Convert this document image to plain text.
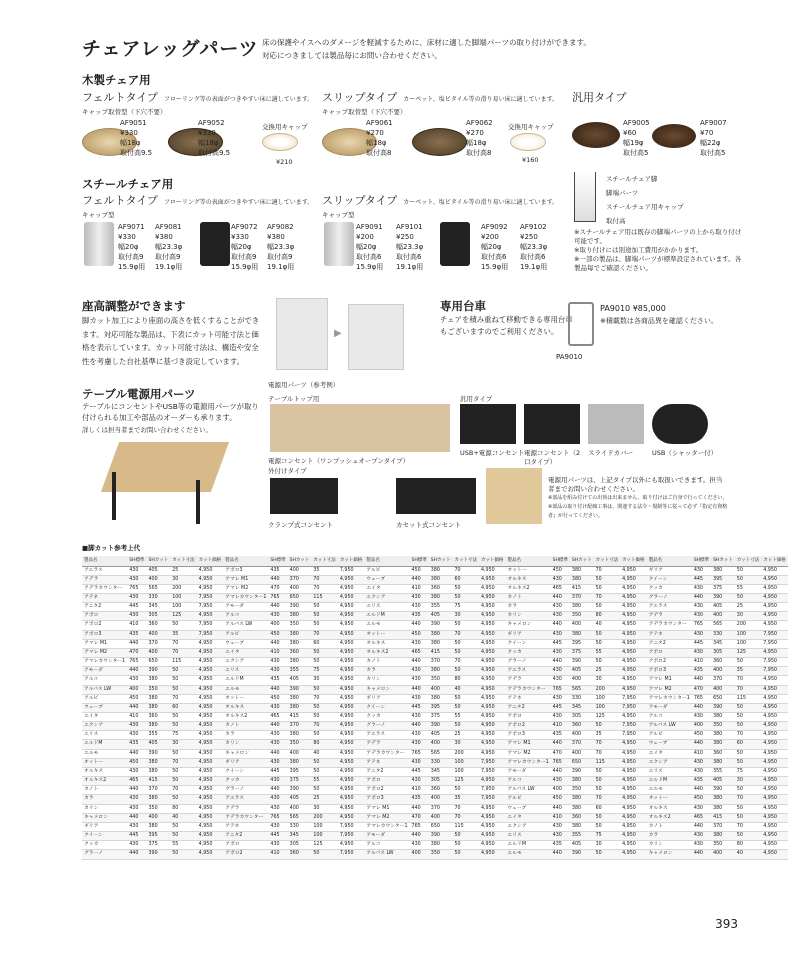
チェアレッグパーツ 床の保護やイスへのダメージを軽減するために、床材に適した脚端パーツの取り付けができます。
対応につきましては製品毎にお問い合わせください。
木製チェア用
フェルトタイプ フローリング等の表面がつきやすい床に適しています。
キャップ取替型（下穴不要）
AF9051
¥330
幅18φ
取付高9.5
AF9052
¥330
幅18φ
取付高9.5
交換用キャップ
¥210
スリップタイプ カーペット、塩ビタイル等の滑り易い床に適しています。
キャップ取替型（下穴不要）
AF9061
¥270
幅18φ
取付高8
AF9062
¥270
幅18φ
取付高8
交換用キャップ
¥160
汎用タイプ
AF9005
¥60
幅19φ
取付高5
AF9007
¥70
幅22φ
取付高5
スチールチェア用
フェルトタイプ フローリング等の表面がつきやすい床に適しています。
キャップ型
AF9071
¥330
幅20φ
取付高9
15.9φ用
AF9081
¥380
幅23.3φ
取付高9
19.1φ用
AF9072
¥330
幅20φ
取付高9
15.9φ用
AF9082
¥380
幅23.3φ
取付高9
19.1φ用
スリップタイプ カーペット、塩ビタイル等の滑り易い床に適しています。
キャップ型
AF9091
¥200
幅20φ
取付高6
15.9φ用
AF9101
¥250
幅23.3φ
取付高6
19.1φ用
AF9092
¥200
幅20φ
取付高6
15.9φ用
AF9102
¥250
幅23.3φ
取付高6
19.1φ用
スチールチェア脚
脚端パーツ
スチールチェア用キャップ
取付高
※スチールチェア用は既存の脚端パーツの上から取り付け可能です。
※取り付けには別途加工費用がかかります。
※一部の製品は、脚端パーツが標準設定されています。各製品毎でご確認ください。
座高調整ができます
脚カット加工により座面の高さを低くすることができます。対応可能な製品は、下表にカット可能寸法と価格を表示しています。カット可能寸法は、構造や安全性を考慮した自社基準に基づき設定しています。
▶
専用台車
チェアを積み重ねて移動できる専用台車もございますのでご利用ください。
PA9010 ¥85,000
※積載数は各商品異を確認ください。
PA9010
テーブル電源用パーツ
テーブルにコンセントやUSB等の電源用パーツが取り付けられる加工や部品のオーダーも承ります。
詳しくは担当者までお問い合わせください。
電源用パーツ（参考例）
テーブルトップ用
電源コンセント（ワンプッシュオープンタイプ）
外付けタイプ
クランプ式コンセント	カセット式コンセント
汎用タイプ
USB+電源コンセント 電源コンセント（2口タイプ）
スライドカバー	USB（シャッター付）
電源用パーツは、上記タイプ以外にも取扱いできます。担当者までお問い合わせください。
※部品を組み付けての出荷は出来ません。取り付けはご自身で行ってください。
※部品の取り付け配線工事は、関連する法令・規制等に従って必ず『指定有資格者』が行ってください。
■脚カット参考上代
製品名	SH標準	SHカット	カット寸法	カット価格	製品名	SH標準	SHカット	カット寸法	カット価格	製品名	SH標準	SHカット	カット寸法	カット価格	製品名	SH標準	SHカット	カット寸法	カット価格	製品名	SH標準	SHカット	カット寸法	カット価格
アエラス	430	405	25	4,950	アポロ3	435	400	35	7,950	アルビ	450	380	70	4,950	オットー	450	380	70	4,950	ギリア	430	380	50	4,950
アデラ	430	400	30	4,950	アマレ M1	440	370	70	4,950	ウェーブ	440	380	60	4,950	オルキス	430	380	50	4,950	クイーン	445	395	50	4,950
アデラカウンター	765	565	200	4,950	アマレ M2	470	400	70	4,950	エイタ	410	360	50	4,950	オルキス2	465	415	50	4,950	クッカ	430	375	55	4,950
アテネ	430	330	100	7,950	アマレカウンター1	765	650	115	4,950	エクシア	430	380	50	4,950	カノト	440	370	70	4,950	グラーノ	440	390	50	4,950
アニタ2	445	345	100	7,950	アモーダ	440	390	50	4,950	エリス	430	355	75	4,950	カラ	430	380	50	4,950	アエラス	430	405	25	4,950
アポロ	430	305	125	4,950	アルコ	430	380	50	4,950	エルドM	435	405	30	4,950	カリン	430	350	80	4,950	アデラ	430	400	30	4,950
アポロ2	410	360	50	7,950	アルバス LW	400	350	50	4,950	エルモ	440	390	50	4,950	キャメロン	440	400	40	4,950	アデラカウンター	765	565	200	4,950
アポロ3	435	400	35	7,950	アルビ	450	380	70	4,950	オットー	450	380	70	4,950	ギリア	430	380	50	4,950	アテネ	430	330	100	7,950
アマレ M1	440	370	70	4,950	ウェーブ	440	380	60	4,950	オルキス	430	380	50	4,950	クイーン	445	395	50	4,950	アニタ2	445	345	100	7,950
アマレ M2	470	400	70	4,950	エイタ	410	360	50	4,950	オルキス2	465	415	50	4,950	クッカ	430	375	55	4,950	アポロ	430	305	125	4,950
アマレカウンター1	765	650	115	4,950	エクシア	430	380	50	4,950	カノト	440	370	70	4,950	グラーノ	440	390	50	4,950	アポロ2	410	360	50	7,950
アモーダ	440	390	50	4,950	エリス	430	355	75	4,950	カラ	430	380	50	4,950	アエラス	430	405	25	4,950	アポロ3	435	400	35	7,950
アルコ	430	380	50	4,950	エルドM	435	405	30	4,950	カリン	430	350	80	4,950	アデラ	430	400	30	4,950	アマレ M1	440	370	70	4,950
アルバス LW	400	350	50	4,950	エルモ	440	390	50	4,950	キャメロン	440	400	40	4,950	アデラカウンター	765	565	200	4,950	アマレ M2	470	400	70	4,950
アルビ	450	380	70	4,950	オットー	450	380	70	4,950	ギリア	430	380	50	4,950	アテネ	430	330	100	7,950	アマレカウンター1	765	650	115	4,950
ウェーブ	440	380	60	4,950	オルキス	430	380	50	4,950	クイーン	445	395	50	4,950	アニタ2	445	345	100	7,950	アモーダ	440	390	50	4,950
エイタ	410	360	50	4,950	オルキス2	465	415	50	4,950	クッカ	430	375	55	4,950	アポロ	430	305	125	4,950	アルコ	430	380	50	4,950
エクシア	430	380	50	4,950	カノト	440	370	70	4,950	グラーノ	440	390	50	4,950	アポロ2	410	360	50	7,950	アルバス LW	400	350	50	4,950
エリス	430	355	75	4,950	カラ	430	380	50	4,950	アエラス	430	405	25	4,950	アポロ3	435	400	35	7,950	アルビ	450	380	70	4,950
エルドM	435	405	30	4,950	カリン	430	350	80	4,950	アデラ	430	400	30	4,950	アマレ M1	440	370	70	4,950	ウェーブ	440	380	60	4,950
エルモ	440	390	50	4,950	キャメロン	440	400	40	4,950	アデラカウンター	765	565	200	4,950	アマレ M2	470	400	70	4,950	エイタ	410	360	50	4,950
オットー	450	380	70	4,950	ギリア	430	380	50	4,950	アテネ	430	330	100	7,950	アマレカウンター1	765	650	115	4,950	エクシア	430	380	50	4,950
オルキス	430	380	50	4,950	クイーン	445	395	50	4,950	アニタ2	445	345	100	7,950	アモーダ	440	390	50	4,950	エリス	430	355	75	4,950
オルキス2	465	415	50	4,950	クッカ	430	375	55	4,950	アポロ	430	305	125	4,950	アルコ	430	380	50	4,950	エルドM	435	405	30	4,950
カノト	440	370	70	4,950	グラーノ	440	390	50	4,950	アポロ2	410	360	50	7,950	アルバス LW	400	350	50	4,950	エルモ	440	390	50	4,950
カラ	430	380	50	4,950	アエラス	430	405	25	4,950	アポロ3	435	400	35	7,950	アルビ	450	380	70	4,950	オットー	450	380	70	4,950
カリン	430	350	80	4,950	アデラ	430	400	30	4,950	アマレ M1	440	370	70	4,950	ウェーブ	440	380	60	4,950	オルキス	430	380	50	4,950
キャメロン	440	400	40	4,950	アデラカウンター	765	565	200	4,950	アマレ M2	470	400	70	4,950	エイタ	410	360	50	4,950	オルキス2	465	415	50	4,950
ギリア	430	380	50	4,950	アテネ	430	330	100	7,950	アマレカウンター1	765	650	115	4,950	エクシア	430	380	50	4,950	カノト	440	370	70	4,950
クイーン	445	395	50	4,950	アニタ2	445	345	100	7,950	アモーダ	440	390	50	4,950	エリス	430	355	75	4,950	カラ	430	380	50	4,950
クッカ	430	375	55	4,950	アポロ	430	305	125	4,950	アルコ	430	380	50	4,950	エルドM	435	405	30	4,950	カリン	430	350	80	4,950
グラーノ	440	390	50	4,950	アポロ2	410	360	50	7,950	アルバス LW	400	350	50	4,950	エルモ	440	390	50	4,950	キャメロン	440	400	40	4,950
393
